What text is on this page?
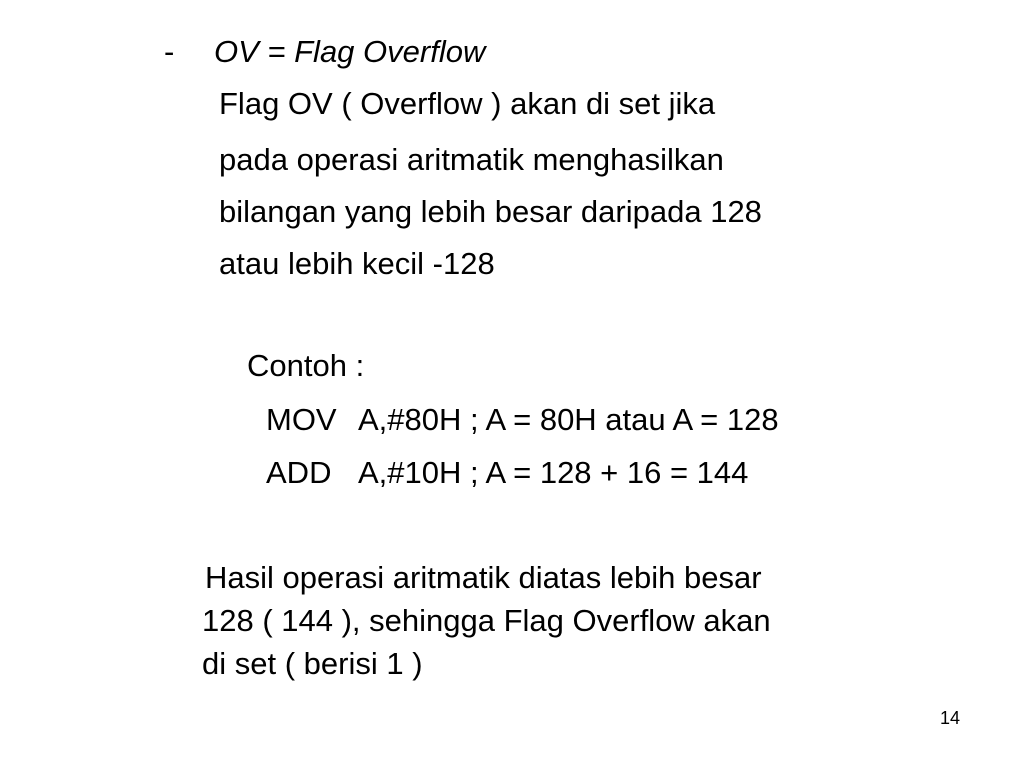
- OV = Flag Overflow
Flag OV ( Overflow ) akan di set jika
pada operasi aritmatik menghasilkan
bilangan yang lebih besar daripada 128
atau lebih kecil -128
Contoh :
MOV A,#80H ; A = 80H atau A = 128
ADD A,#10H ; A = 128 + 16 = 144
Hasil operasi aritmatik diatas lebih besar
128 ( 144 ), sehingga Flag Overflow akan
di set ( berisi 1 )
14
